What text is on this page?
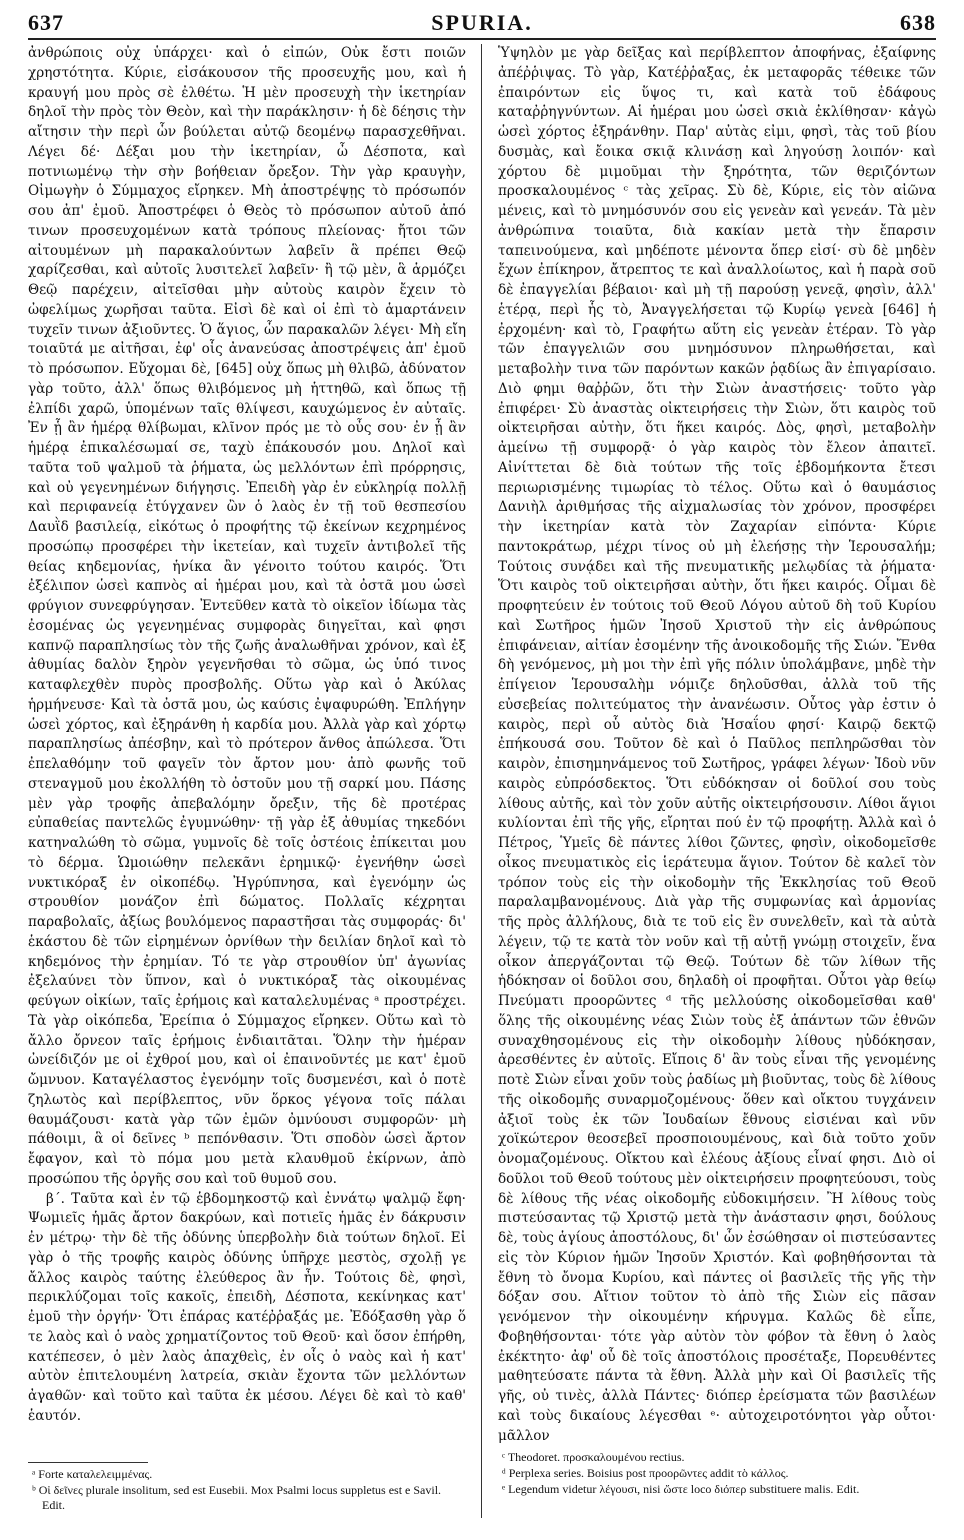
637	SPURIA.	638

ἀνθρώποις οὐχ ὑπάρχει· καὶ ὁ εἰπών, Οὐκ ἔστι ποιῶν χρηστότητα. Κύριε, εἰσάκουσον τῆς προσευχῆς μου, καὶ ἡ κραυγή μου πρὸς σὲ ἐλθέτω. Ἡ μὲν προσευχὴ τὴν ἱκετηρίαν δηλοῖ τὴν πρὸς τὸν Θεὸν, καὶ τὴν παράκλησιν· ἡ δὲ δέησις τὴν αἴτησιν τὴν περὶ ὧν βούλεται αὐτῷ δεομένῳ παρασχεθῆναι. Λέγει δέ· Δέξαι μου τὴν ἱκετηρίαν, ὦ Δέσποτα, καὶ ποτνιωμένῳ τὴν σὴν βοήθειαν ὄρεξον. Τὴν γὰρ κραυγὴν, Οἰμωγὴν ὁ Σύμμαχος εἴρηκεν. Μὴ ἀποστρέψῃς τὸ πρόσωπόν σου ἀπ' ἐμοῦ. Ἀποστρέφει ὁ Θεὸς τὸ πρόσωπον αὐτοῦ ἀπό τινων προσευχομένων κατὰ τρόπους πλείονας· ἤτοι τῶν αἰτουμένων μὴ παρακαλούντων λαβεῖν ἃ πρέπει Θεῷ χαρίζεσθαι, καὶ αὐτοῖς λυσιτελεῖ λαβεῖν· ἢ τῷ μὲν, ἃ ἁρμόζει Θεῷ παρέχειν, αἰτεῖσθαι μὴν αὐτοὺς καιρὸν ἔχειν τὸ ὠφελίμως χωρῆσαι ταῦτα. Εἰσὶ δὲ καὶ οἱ ἐπὶ τὸ ἁμαρτάνειν τυχεῖν τινων ἀξιοῦντες. Ὁ ἅγιος, ὧν παρακαλῶν λέγει· Μὴ εἴη τοιαῦτά με αἰτῆσαι, ἐφ' οἷς ἀνανεύσας ἀποστρέψεις ἀπ' ἐμοῦ τὸ πρόσωπον. Εὔχομαι δὲ, [645] οὐχ ὅπως μὴ θλιβῶ, ἀδύνατον γὰρ τοῦτο, ἀλλ' ὅπως θλιβόμενος μὴ ἡττηθῶ, καὶ ὅπως τῇ ἐλπίδι χαρῶ, ὑπομένων ταῖς θλίψεσι, καυχώμενος ἐν αὐταῖς. Ἐν ᾗ ἂν ἡμέρᾳ θλίβωμαι, κλῖνον πρός με τὸ οὖς σου· ἐν ᾗ ἂν ἡμέρᾳ ἐπικαλέσωμαί σε, ταχὺ ἐπάκουσόν μου. Δηλοῖ καὶ ταῦτα τοῦ ψαλμοῦ τὰ ῥήματα, ὡς μελλόντων ἐπὶ πρόρρησις, καὶ οὐ γεγενημένων διήγησις. Ἐπειδὴ γὰρ ἐν εὐκληρίᾳ πολλῇ καὶ περιφανείᾳ ἐτύγχανεν ὢν ὁ λαὸς ἐν τῇ τοῦ θεσπεσίου Δαυῒδ βασιλείᾳ, εἰκότως ὁ προφήτης τῷ ἐκείνων κεχρημένος προσώπῳ προσφέρει τὴν ἱκετείαν, καὶ τυχεῖν ἀντιβολεῖ τῆς θείας κηδεμονίας, ἡνίκα ἂν γένοιτο τούτου καιρός. Ὅτι ἐξέλιπον ὡσεὶ καπνὸς αἱ ἡμέραι μου, καὶ τὰ ὀστᾶ μου ὡσεὶ φρύγιον συνεφρύγησαν. Ἐντεῦθεν κατὰ τὸ οἰκεῖον ἰδίωμα τὰς ἐσομένας ὡς γεγενημένας συμφορὰς διηγεῖται, καὶ φησι καπνῷ παραπλησίως τὸν τῆς ζωῆς ἀναλωθῆναι χρόνον, καὶ ἐξ ἀθυμίας δαλὸν ξηρὸν γεγενῆσθαι τὸ σῶμα, ὡς ὑπό τινος καταφλεχθὲν πυρὸς προσβολῆς. Οὕτω γὰρ καὶ ὁ Ἀκύλας ἡρμήνευσε· Καὶ τὰ ὀστᾶ μου, ὡς καύσις ἐψαφυρώθη. Ἐπλήγην ὡσεὶ χόρτος, καὶ ἐξηράνθη ἡ καρδία μου. Ἀλλὰ γὰρ καὶ χόρτῳ παραπλησίως ἀπέσβην, καὶ τὸ πρότερον ἄνθος ἀπώλεσα. Ὅτι ἐπελαθόμην τοῦ φαγεῖν τὸν ἄρτον μου· ἀπὸ φωνῆς τοῦ στεναγμοῦ μου ἐκολλήθη τὸ ὀστοῦν μου τῇ σαρκί μου. Πάσης μὲν γὰρ τροφῆς ἀπεβαλόμην ὄρεξιν, τῆς δὲ προτέρας εὐπαθείας παντελῶς ἐγυμνώθην· τῇ γὰρ ἐξ ἀθυμίας τηκεδόνι κατηναλώθη τὸ σῶμα, γυμνοῖς δὲ τοῖς ὀστέοις ἐπίκειται μου τὸ δέρμα. Ὡμοιώθην πελεκᾶνι ἐρημικῷ· ἐγενήθην ὡσεὶ νυκτικόραξ ἐν οἰκοπέδῳ. Ἠγρύπνησα, καὶ ἐγενόμην ὡς στρουθίον μονάζον ἐπὶ δώματος. Πολλαῖς κέχρηται παραβολαῖς, ἀξίως βουλόμενος παραστῆσαι τὰς συμφοράς· δι' ἑκάστου δὲ τῶν εἰρημένων ὀρνίθων τὴν δειλίαν δηλοῖ καὶ τὸ κηδεμόνος τὴν ἐρημίαν. Τό τε γὰρ στρουθίον ὑπ' ἀγωνίας ἐξελαύνει τὸν ὕπνον, καὶ ὁ νυκτικόραξ τὰς οἰκουμένας φεύγων οἰκίων, ταῖς ἐρήμοις καὶ καταλελυμένας ᵃ προστρέχει. Τὰ γὰρ οἰκόπεδα, Ἐρείπια ὁ Σύμμαχος εἴρηκεν. Οὕτω καὶ τὸ ἄλλο ὄρνεον ταῖς ἐρήμοις ἐνδιαιτᾶται. Ὅλην τὴν ἡμέραν ὠνείδιζόν με οἱ ἐχθροί μου, καὶ οἱ ἐπαινοῦντές με κατ' ἐμοῦ ὤμνυον. Καταγέλαστος ἐγενόμην τοῖς δυσμενέσι, καὶ ὁ ποτὲ ζηλωτὸς καὶ περίβλεπτος, νῦν ὅρκος γέγονα τοῖς πάλαι θαυμάζουσι· κατὰ γὰρ τῶν ἐμῶν ὀμνύουσι συμφορῶν· μὴ πάθοιμι, ἃ οἱ δεῖνες ᵇ πεπόνθασιν. Ὅτι σποδὸν ὡσεὶ ἄρτον ἔφαγον, καὶ τὸ πόμα μου μετὰ κλαυθμοῦ ἐκίρνων, ἀπὸ προσώπου τῆς ὀργῆς σου καὶ τοῦ θυμοῦ σου.

β΄. Ταῦτα καὶ ἐν τῷ ἑβδομηκοστῷ καὶ ἐννάτῳ ψαλμῷ ἔφη· Ψωμιεῖς ἡμᾶς ἄρτον δακρύων, καὶ ποτιεῖς ἡμᾶς ἐν δάκρυσιν ἐν μέτρῳ· τὴν δὲ τῆς ὀδύνης ὑπερβολὴν διὰ τούτων δηλοῖ. Εἰ γὰρ ὁ τῆς τροφῆς καιρὸς ὀδύνης ὑπῆρχε μεστὸς, σχολῇ γε ἄλλος καιρὸς ταύτης ἐλεύθερος ἂν ἦν. Τούτοις δὲ, φησὶ, περικλύζομαι τοῖς κακοῖς, ἐπειδὴ, Δέσποτα, κεκίνηκας κατ' ἐμοῦ τὴν ὀργήν· Ὅτι ἐπάρας κατέῤῥαξάς με. Ἐδόξασθη γὰρ ὅ τε λαὸς καὶ ὁ ναὸς χρηματίζοντος τοῦ Θεοῦ· καὶ ὅσον ἐπήρθη, κατέπεσεν, ὁ μὲν λαὸς ἀπαχθεὶς, ἐν οἷς ὁ ναὸς καὶ ἡ κατ' αὐτὸν ἐπιτελουμένη λατρεία, σκιὰν ἔχοντα τῶν μελλόντων ἀγαθῶν· καὶ τοῦτο καὶ ταῦτα ἐκ μέσου. Λέγει δὲ καὶ τὸ καθ' ἑαυτόν.

Ὑψηλὸν με γὰρ δεῖξας καὶ περίβλεπτον ἀποφήνας, ἐξαίφνης ἀπέῤῥιψας. Τὸ γὰρ, Κατέῤῥαξας, ἐκ μεταφορᾶς τέθεικε τῶν ἐπαιρόντων εἰς ὕψος τι, καὶ κατὰ τοῦ ἐδάφους καταῤῥηγνύντων. Αἱ ἡμέραι μου ὡσεὶ σκιὰ ἐκλίθησαν· κἀγὼ ὡσεὶ χόρτος ἐξηράνθην. Παρ' αὐτὰς εἰμι, φησὶ, τὰς τοῦ βίου δυσμὰς, καὶ ἔοικα σκιᾷ κλινάσῃ καὶ ληγούσῃ λοιπόν· καὶ χόρτου δὲ μιμοῦμαι τὴν ξηρότητα, τῶν θεριζόντων προσκαλουμένος ᶜ τὰς χεῖρας. Σὺ δὲ, Κύριε, εἰς τὸν αἰῶνα μένεις, καὶ τὸ μνημόσυνόν σου εἰς γενεὰν καὶ γενεάν. Τὰ μὲν ἀνθρώπινα τοιαῦτα, διὰ κακίαν μετὰ τὴν ἔπαρσιν ταπεινούμενα, καὶ μηδέποτε μένοντα ὅπερ εἰσί· σὺ δὲ μηδὲν ἔχων ἐπίκηρον, ἄτρεπτος τε καὶ ἀναλλοίωτος, καὶ ἡ παρὰ σοῦ δὲ ἐπαγγελίαι βέβαιοι· καὶ μὴ τῇ παρούσῃ γενεᾷ, φησὶν, ἀλλ' ἑτέρᾳ, περὶ ἧς τὸ, Ἀναγγελήσεται τῷ Κυρίῳ γενεὰ [646] ἡ ἐρχομένη· καὶ τὸ, Γραφήτω αὕτη εἰς γενεὰν ἑτέραν. Τὸ γὰρ τῶν ἐπαγγελιῶν σου μνημόσυνον πληρωθήσεται, καὶ μεταβολὴν τινα τῶν παρόντων κακῶν ῥᾳδίως ἂν ἐπιγαρίσαιο. Διὸ φημι θαῤῥῶν, ὅτι τὴν Σιὼν ἀναστήσεις· τοῦτο γὰρ ἐπιφέρει· Σὺ ἀναστὰς οἰκτειρήσεις τὴν Σιὼν, ὅτι καιρὸς τοῦ οἰκτειρῆσαι αὐτὴν, ὅτι ἥκει καιρός. Δὸς, φησὶ, μεταβολὴν ἀμείνω τῇ συμφορᾷ· ὁ γὰρ καιρὸς τὸν ἔλεον ἀπαιτεῖ. Αἰνίττεται δὲ διὰ τούτων τῆς τοῖς ἑβδομήκοντα ἔτεσι περιωρισμένης τιμωρίας τὸ τέλος. Οὕτω καὶ ὁ θαυμάσιος Δανιὴλ ἀριθμήσας τῆς αἰχμαλωσίας τὸν χρόνον, προσφέρει τὴν ἱκετηρίαν κατὰ τὸν Ζαχαρίαν εἰπόντα· Κύριε παντοκράτωρ, μέχρι τίνος οὐ μὴ ἐλεήσῃς τὴν Ἱερουσαλήμ; Τούτοις συνᾴδει καὶ τῆς πνευματικῆς μελῳδίας τὰ ῥήματα· Ὅτι καιρὸς τοῦ οἰκτειρῆσαι αὐτὴν, ὅτι ἥκει καιρός. Οἶμαι δὲ προφητεύειν ἐν τούτοις τοῦ Θεοῦ Λόγου αὐτοῦ δὴ τοῦ Κυρίου καὶ Σωτῆρος ἡμῶν Ἰησοῦ Χριστοῦ τὴν εἰς ἀνθρώπους ἐπιφάνειαν, αἰτίαν ἐσομένην τῆς ἀνοικοδομῆς τῆς Σιών. Ἔνθα δὴ γενόμενος, μὴ μοι τὴν ἐπὶ γῆς πόλιν ὑπολάμβανε, μηδὲ τὴν ἐπίγειον Ἱερουσαλὴμ νόμιζε δηλοῦσθαι, ἀλλὰ τοῦ τῆς εὐσεβείας πολιτεύματος τὴν ἀνανέωσιν. Οὗτος γὰρ ἐστιν ὁ καιρὸς, περὶ οὗ αὐτὸς διὰ Ἡσαΐου φησί· Καιρῷ δεκτῷ ἐπήκουσά σου. Τοῦτον δὲ καὶ ὁ Παῦλος πεπληρῶσθαι τὸν καιρὸν, ἐπισημηνάμενος τοῦ Σωτῆρος, γράφει λέγων· Ἰδοὺ νῦν καιρὸς εὐπρόσδεκτος. Ὅτι εὐδόκησαν οἱ δοῦλοί σου τοὺς λίθους αὐτῆς, καὶ τὸν χοῦν αὐτῆς οἰκτειρήσουσιν. Λίθοι ἅγιοι κυλίονται ἐπὶ τῆς γῆς, εἴρηται πού ἐν τῷ προφήτῃ. Ἀλλὰ καὶ ὁ Πέτρος, Ὑμεῖς δὲ πάντες λίθοι ζῶντες, φησὶν, οἰκοδομεῖσθε οἶκος πνευματικὸς εἰς ἱεράτευμα ἅγιον. Τούτον δὲ καλεῖ τὸν τρόπον τοὺς εἰς τὴν οἰκοδομὴν τῆς Ἐκκλησίας τοῦ Θεοῦ παραλαμβανομένους. Διὰ γὰρ τῆς συμφωνίας καὶ ἁρμονίας τῆς πρὸς ἀλλήλους, διὰ τε τοῦ εἰς ἓν συνελθεῖν, καὶ τὰ αὐτὰ λέγειν, τῷ τε κατὰ τὸν νοῦν καὶ τῇ αὐτῇ γνώμῃ στοιχεῖν, ἕνα οἶκον ἀπεργάζονται τῷ Θεῷ. Τούτων δὲ τῶν λίθων τῆς ἡδόκησαν οἱ δοῦλοι σου, δηλαδὴ οἱ προφῆται. Οὗτοι γὰρ θείῳ Πνεύματι προορῶντες ᵈ τῆς μελλούσης οἰκοδομεῖσθαι καθ' ὅλης τῆς οἰκουμένης νέας Σιὼν τοὺς ἐξ ἁπάντων τῶν ἐθνῶν συναχθησομένους εἰς τὴν οἰκοδομὴν λίθους ηὐδόκησαν, ἀρεσθέντες ἐν αὐτοῖς. Εἴποις δ' ἂν τοὺς εἶναι τῆς γενομένης ποτὲ Σιὼν εἶναι χοῦν τοὺς ῥαδίως μὴ βιοῦντας, τοὺς δὲ λίθους τῆς οἰκοδομῆς συναρμοζομένους· ὅθεν καὶ οἴκτου τυγχάνειν ἀξιοῖ τοὺς ἐκ τῶν Ἰουδαίων ἔθνους εἰσιέναι καὶ νῦν χοϊκώτερον θεοσεβεῖ προσποιουμένους, καὶ διὰ τοῦτο χοῦν ὀνομαζομένους. Οἴκτου καὶ ἐλέους ἀξίους εἶναί φησι. Διὸ οἱ δοῦλοι τοῦ Θεοῦ τούτους μὲν οἰκτειρήσειν προφητεύουσι, τοὺς δὲ λίθους τῆς νέας οἰκοδομῆς εὐδοκιμήσειν. Ἢ λίθους τοὺς πιστεύσαντας τῷ Χριστῷ μετὰ τὴν ἀνάστασιν φησι, δούλους δὲ, τοὺς ἁγίους ἀποστόλους, δι' ὧν ἐσώθησαν οἱ πιστεύσαντες εἰς τὸν Κύριον ἡμῶν Ἰησοῦν Χριστόν. Καὶ φοβηθήσονται τὰ ἔθνη τὸ ὄνομα Κυρίου, καὶ πάντες οἱ βασιλεῖς τῆς γῆς τὴν δόξαν σου. Αἴτιον τοῦτον τὸ ἀπὸ τῆς Σιὼν εἰς πᾶσαν γενόμενον τὴν οἰκουμένην κήρυγμα. Καλῶς δὲ εἶπε, Φοβηθήσονται· τότε γὰρ αὐτὸν τὸν φόβον τὰ ἔθνη ὁ λαὸς ἐκέκτητο· ἀφ' οὗ δὲ τοῖς ἀποστόλοις προσέταξε, Πορευθέντες μαθητεύσατε πάντα τὰ ἔθνη. Ἀλλὰ μὴν καὶ Οἱ βασιλεῖς τῆς γῆς, οὐ τινὲς, ἀλλὰ Πάντες· διόπερ ἐρείσματα τῶν βασιλέων καὶ τοὺς δικαίους λέγεσθαι ᵉ· αὐτοχειροτόνητοι γὰρ οὗτοι· μᾶλλον

ᵃ Forte καταλελειμμένας.

ᵇ Οἱ δεῖνες plurale insolitum, sed est Eusebii. Mox Psalmi locus suppletus est e Savil. Edit.

ᶜ Theodoret. προσκαλουμένου rectius.

ᵈ Perplexa series. Boisius post προορῶντες addit τὸ κάλλος.

ᵉ Legendum videtur λέγουσι, nisi ὥστε loco διόπερ substituere malis. Edit.
